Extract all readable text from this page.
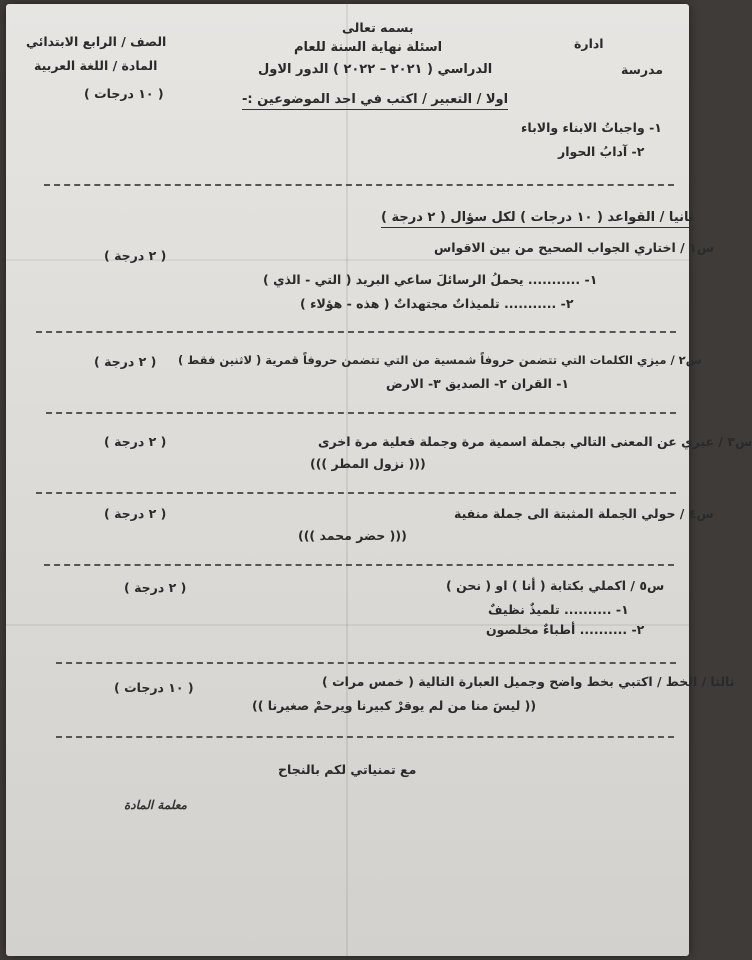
بسمه تعالى
اسئلة نهاية السنة للعام
الدراسي ( ٢٠٢١ – ٢٠٢٢ ) الدور الاول
ادارة
مدرسة
الصف / الرابع الابتدائي
المادة / اللغة العربية
( ١٠ درجات )	اولا / التعبير / اكتب في احد الموضوعين :-
١- واجباتُ الابناء والاباء
٢- آدابُ الحوار
ثانيا / القواعد ( ١٠ درجات ) لكل سؤال ( ٢ درجة )
س١ / اختاري الجواب الصحيح من بين الاقواس
( ٢ درجة )
١- ........... يحملُ الرسائلَ ساعي البريد ( التي - الذي )
٢- ........... تلميذاتٌ مجتهداتٌ ( هذه - هؤلاء )
س٢ / ميزي الكلمات التي تتضمن حروفاً شمسية من التي تتضمن حروفاً قمرية ( لاثنين فقط )
( ٢ درجة )
١- القران ٢- الصديق ٣- الارض
س٣ / عبري عن المعنى التالي بجملة اسمية مرة وجملة فعلية مرة اخرى
( ٢ درجة )
((( نزول المطر )))
س٤ / حولي الجملة المثبتة الى جملة منفية
( ٢ درجة )
((( حضر محمد )))
س٥ / اكملي بكتابة ( أنا ) او ( نحن )
( ٢ درجة )
١- .......... تلميذٌ نظيفٌ
٢- .......... أطباءٌ مخلصون
ثالثا / الخط / اكتبي بخط واضح وجميل العبارة التالية ( خمس مرات )
( ١٠ درجات )
(( ليسَ منا من لم يوقرْ كبيرنا ويرحمْ صغيرنا ))
مع تمنياتي لكم بالنجاح
معلمة المادة
